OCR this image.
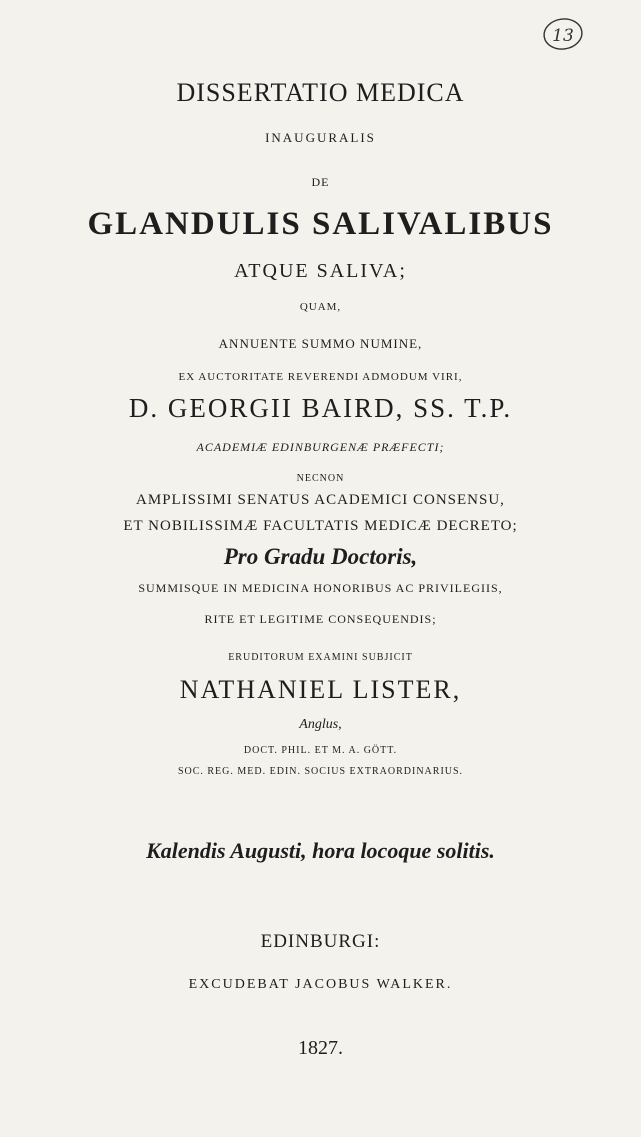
13
DISSERTATIO MEDICA
INAUGURALIS
DE
GLANDULIS SALIVALIBUS
ATQUE SALIVA;
QUAM,
ANNUENTE SUMMO NUMINE,
EX AUCTORITATE REVERENDI ADMODUM VIRI,
D. GEORGII BAIRD, SS. T.P.
ACADEMIÆ EDINBURGENÆ PRÆFECTI;
NECNON
AMPLISSIMI SENATUS ACADEMICI CONSENSU,
ET NOBILISSIMÆ FACULTATIS MEDICÆ DECRETO;
Pro Gradu Doctoris,
SUMMISQUE IN MEDICINA HONORIBUS AC PRIVILEGIIS,
RITE ET LEGITIME CONSEQUENDIS;
ERUDITORUM EXAMINI SUBJICIT
NATHANIEL LISTER,
Anglus,
DOCT. PHIL. ET M. A. GÖTT.
SOC. REG. MED. EDIN. SOCIUS EXTRAORDINARIUS.
Kalendis Augusti, hora locoque solitis.
EDINBURGI:
EXCUDEBAT JACOBUS WALKER.
1827.
